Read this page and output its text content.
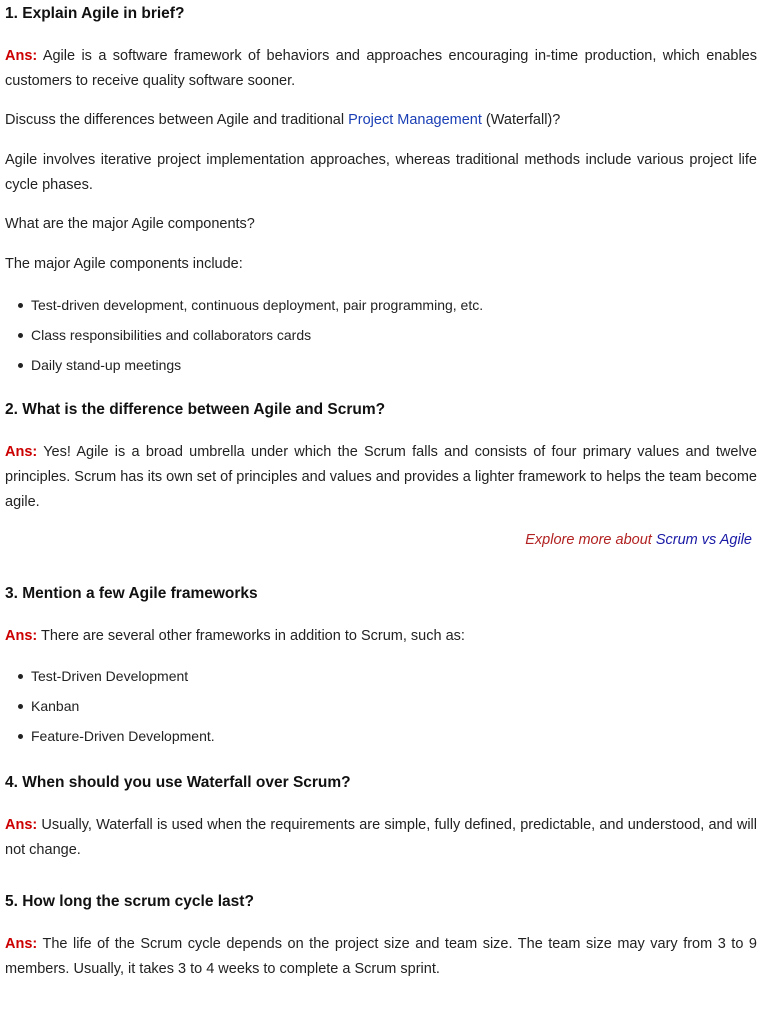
1. Explain Agile in brief?

Ans: Agile is a software framework of behaviors and approaches encouraging in-time production, which enables customers to receive quality software sooner.

Discuss the differences between Agile and traditional Project Management (Waterfall)?

Agile involves iterative project implementation approaches, whereas traditional methods include various project life cycle phases.

What are the major Agile components?

The major Agile components include:

Test-driven development, continuous deployment, pair programming, etc.
Class responsibilities and collaborators cards
Daily stand-up meetings
2. What is the difference between Agile and Scrum?

Ans: Yes! Agile is a broad umbrella under which the Scrum falls and consists of four primary values and twelve principles. Scrum has its own set of principles and values and provides a lighter framework to helps the team become agile.

Explore more about Scrum vs Agile

3. Mention a few Agile frameworks

Ans: There are several other frameworks in addition to Scrum, such as:

Test-Driven Development
Kanban
Feature-Driven Development.
4. When should you use Waterfall over Scrum?

Ans: Usually, Waterfall is used when the requirements are simple, fully defined, predictable, and understood, and will not change.

5. How long the scrum cycle last?

Ans: The life of the Scrum cycle depends on the project size and team size. The team size may vary from 3 to 9 members. Usually, it takes 3 to 4 weeks to complete a Scrum sprint.
